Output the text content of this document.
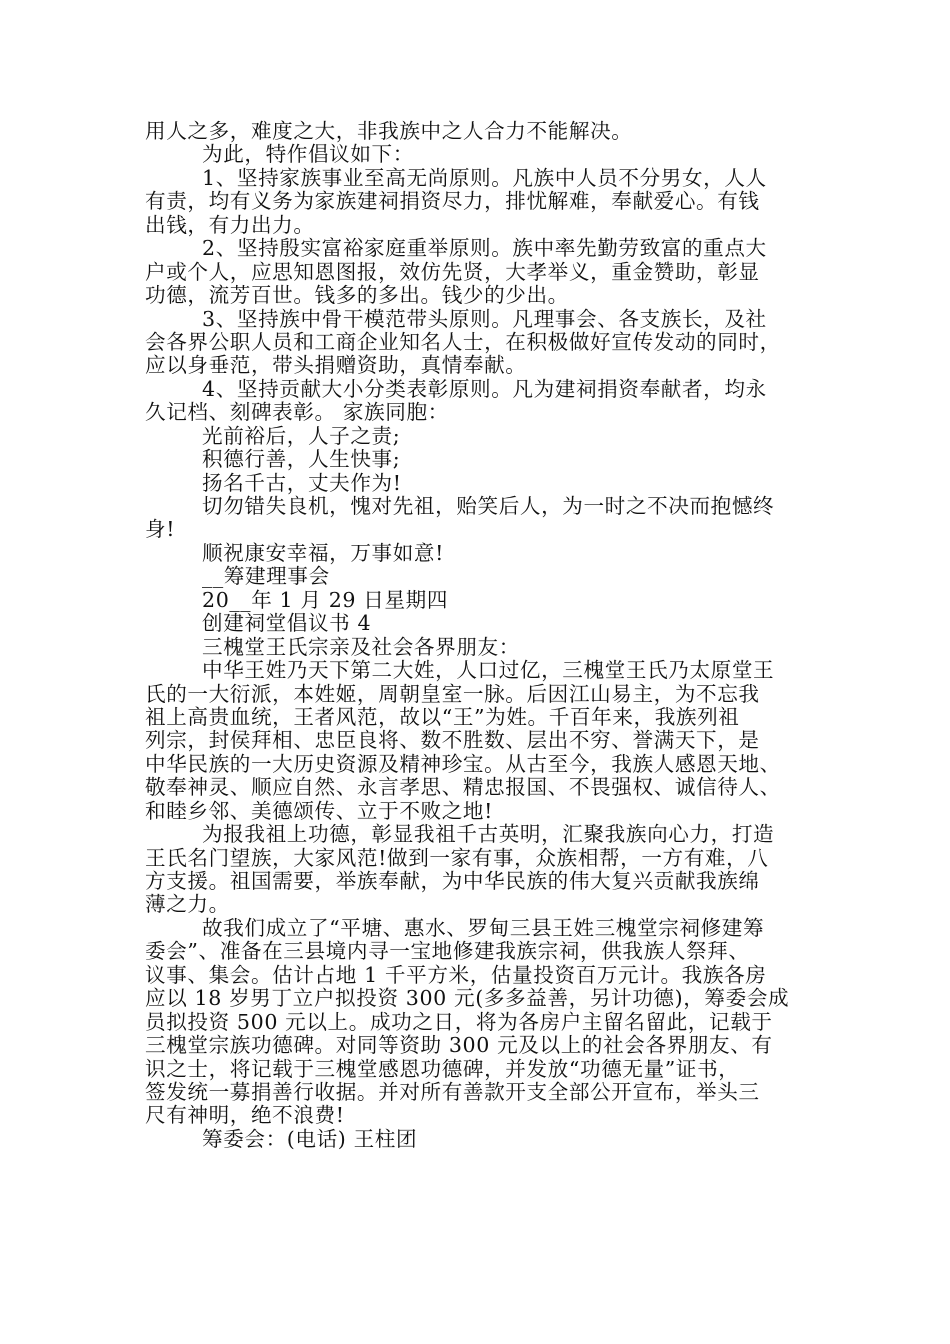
用人之多，难度之大，非我族中之人合力不能解决。
为此，特作倡议如下：
1、坚持家族事业至高无尚原则。凡族中人员不分男女，人人
有责，均有义务为家族建祠捐资尽力，排忧解难，奉献爱心。有钱
出钱，有力出力。
2、坚持殷实富裕家庭重举原则。族中率先勤劳致富的重点大
户或个人，应思知恩图报，效仿先贤，大孝举义，重金赞助，彰显
功德，流芳百世。钱多的多出。钱少的少出。
3、坚持族中骨干模范带头原则。凡理事会、各支族长，及社
会各界公职人员和工商企业知名人士，在积极做好宣传发动的同时，
应以身垂范，带头捐赠资助，真情奉献。
4、坚持贡献大小分类表彰原则。凡为建祠捐资奉献者，均永
久记档、刻碑表彰。 家族同胞：
光前裕后，人子之责;
积德行善，人生快事;
扬名千古，丈夫作为!
切勿错失良机，愧对先祖，贻笑后人，为一时之不决而抱憾终
身!
顺祝康安幸福，万事如意!
__筹建理事会
20__年 1 月 29 日星期四
创建祠堂倡议书 4
三槐堂王氏宗亲及社会各界朋友：
中华王姓乃天下第二大姓，人口过亿，三槐堂王氏乃太原堂王
氏的一大衍派，本姓姬，周朝皇室一脉。后因江山易主，为不忘我
祖上高贵血统，王者风范，故以“王”为姓。千百年来，我族列祖
列宗，封侯拜相、忠臣良将、数不胜数、层出不穷、誉满天下，是
中华民族的一大历史资源及精神珍宝。从古至今，我族人感恩天地、
敬奉神灵、顺应自然、永言孝思、精忠报国、不畏强权、诚信待人、
和睦乡邻、美德颂传、立于不败之地!
为报我祖上功德，彰显我祖千古英明，汇聚我族向心力，打造
王氏名门望族，大家风范!做到一家有事，众族相帮，一方有难，八
方支援。祖国需要，举族奉献，为中华民族的伟大复兴贡献我族绵
薄之力。
故我们成立了“平塘、惠水、罗甸三县王姓三槐堂宗祠修建筹
委会”、准备在三县境内寻一宝地修建我族宗祠，供我族人祭拜、
议事、集会。估计占地 1 千平方米，估量投资百万元计。我族各房
应以 18 岁男丁立户拟投资 300 元(多多益善，另计功德)，筹委会成
员拟投资 500 元以上。成功之日，将为各房户主留名留此，记载于
三槐堂宗族功德碑。对同等资助 300 元及以上的社会各界朋友、有
识之士，将记载于三槐堂感恩功德碑，并发放“功德无量”证书，
签发统一募捐善行收据。并对所有善款开支全部公开宣布，举头三
尺有神明，绝不浪费!
筹委会：(电话) 王柱团
